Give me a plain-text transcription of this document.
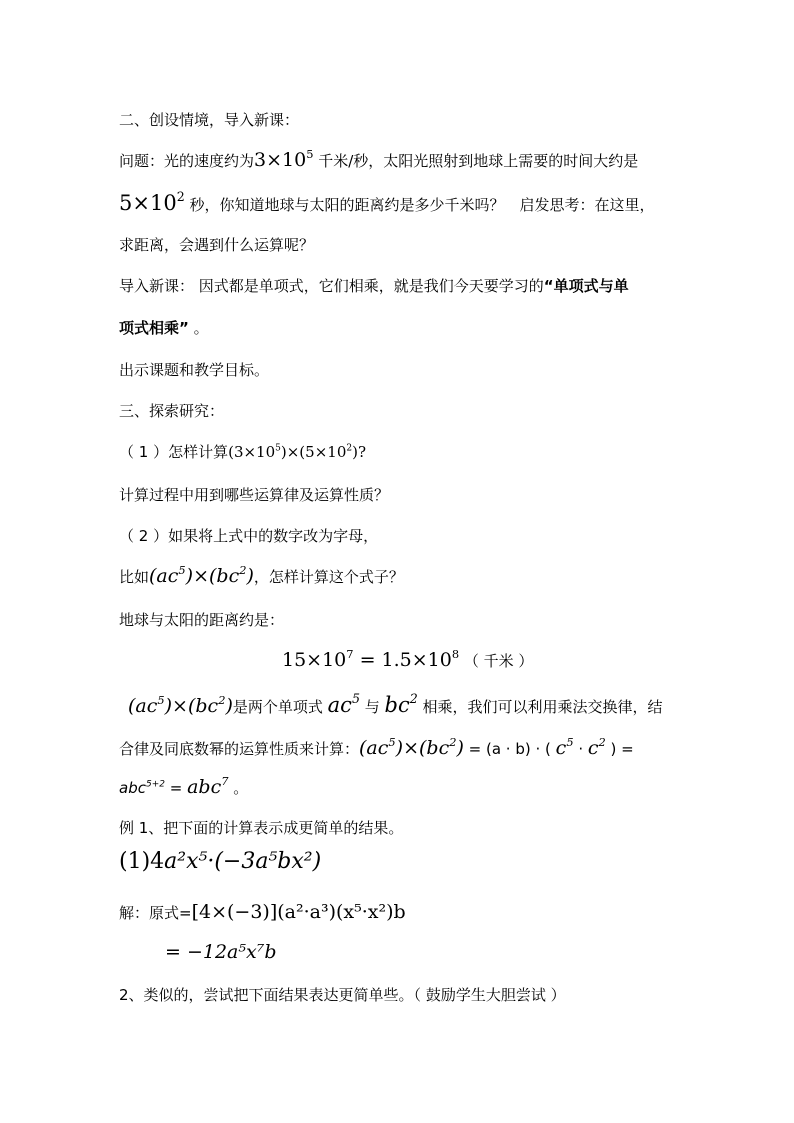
二、创设情境，导入新课：
问题：光的速度约为$3\times 10^5$ 千米/秒，太阳光照射到地球上需要的时间大约是
$5\times 10^2$ 秒，你知道地球与太阳的距离约是多少千米吗？　启发思考：在这里，
求距离，会遇到什么运算呢？
导入新课： 因式都是单项式，它们相乘，就是我们今天要学习的“单项式与单
项式相乘” 。
出示课题和教学目标。
三、探索研究：
（ 1 ）怎样计算$(3\times 10^5)\times(5\times 10^2)$?
计算过程中用到哪些运算律及运算性质？
（ 2 ）如果将上式中的数字改为字母，
比如$(ac^5)\times(bc^2)$，怎样计算这个式子？
地球与太阳的距离约是：
$15\times 10^7 = 1.5\times 10^8$ （ 千米 ）
$(ac^5)\times(bc^2)$是两个单项式 $ac^5$ 与 $bc^2$ 相乘，我们可以利用乘法交换律，结
合律及同底数幂的运算性质来计算：$(ac^5)\times(bc^2) = (a \cdot b)$ · ( $c^5 \cdot c^2$ ) =
abc$^{5+2}$ = abc$^7$ 。
例 1、把下面的计算表示成更简单的结果。
(1)4a²x⁵·(−3a⁵bx²)
解：原式=[4×(−3)](a²·a³)(x⁵·x²)b
= −12a⁵x⁷b
2、类似的，尝试把下面结果表达更简单些。（ 鼓励学生大胆尝试 ）
